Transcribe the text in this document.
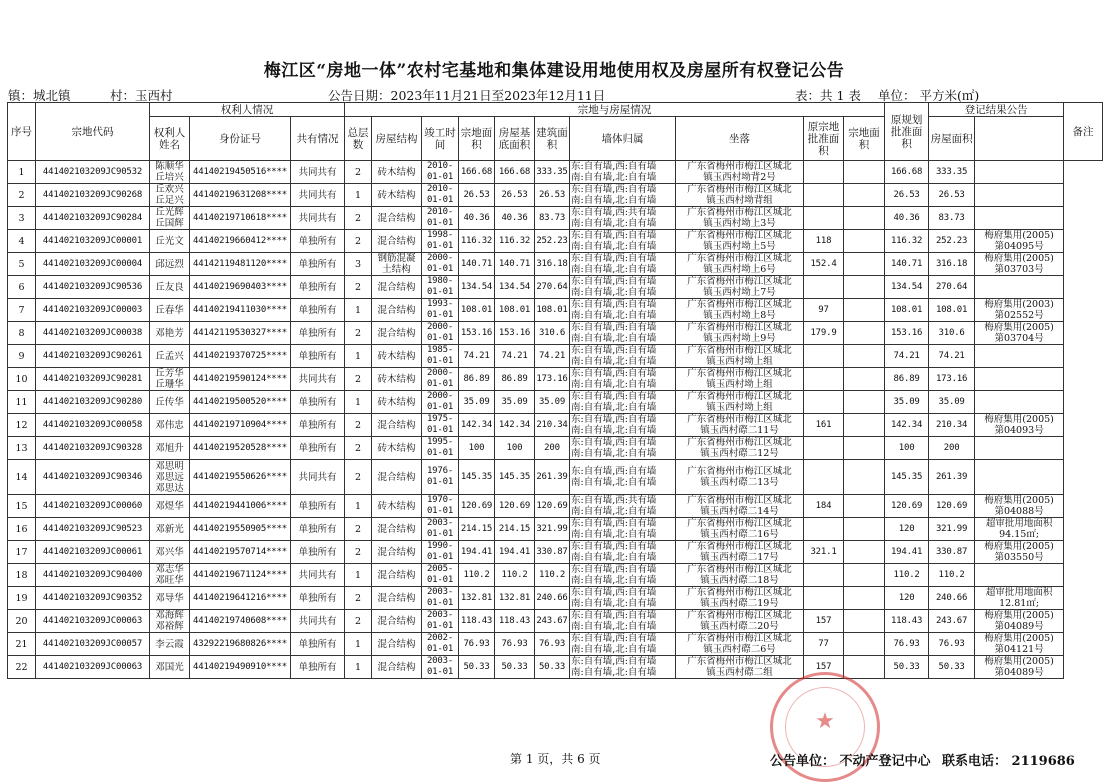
梅江区“房地一体”农村宅基地和集体建设用地使用权及房屋所有权登记公告
镇：城北镇	村：玉西村	公告日期：2023年11月21日至2023年12月11日	表：共 1 表 单位： 平方米(㎡)
序号	宗地代码	权利人情况			宗地与房屋情况										原规划批准面积	登记结果公告		备注
		权利人姓名	身份证号	共有情况	总层数	房屋结构	竣工时间	宗地面积	房屋基底面积	建筑面积	墙体归属	坐落	原宗地批准面积	宗地面积		房屋面积		

1	441402103209JC90532	陈顺华
丘培兴	44140219450516****	共同共有	2	砖木结构	2010-
01-01	166.68	166.68	333.35	东:自有墙,西:自有墙
南:自有墙,北:自有墙	广东省梅州市梅江区城北
镇玉西村坳背2号			166.68	333.35		
2	441402103209JC90268	丘欢兴
丘足兴	44140219631208****	共同共有	1	砖木结构	2010-
01-01	26.53	26.53	26.53	东:自有墙,西:自有墙
南:自有墙,北:自有墙	广东省梅州市梅江区城北
镇玉西村坳背组			26.53	26.53		
3	441402103209JC90284	丘光辉
丘国辉	44140219710618****	共同共有	2	混合结构	2010-
01-01	40.36	40.36	83.73	东:自有墙,西:共有墙
南:自有墙,北:自有墙	广东省梅州市梅江区城北
镇玉西村坳上3号			40.36	83.73		
4	441402103209JC00001	丘光文	44140219660412****	单独所有	2	混合结构	1998-
01-01	116.32	116.32	252.23	东:自有墙,西:自有墙
南:自有墙,北:自有墙	广东省梅州市梅江区城北
镇玉西村坳上5号	118		116.32	252.23	梅府集用(2005)
第04095号	
5	441402103209JC00004	邱远烈	44142119481120****	单独所有	3	钢筋混凝
土结构	2000-
01-01	140.71	140.71	316.18	东:自有墙,西:自有墙
南:自有墙,北:自有墙	广东省梅州市梅江区城北
镇玉西村坳上6号	152.4		140.71	316.18	梅府集用(2005)
第03703号	
6	441402103209JC90536	丘友良	44140219690403****	单独所有	2	混合结构	1980-
01-01	134.54	134.54	270.64	东:自有墙,西:自有墙
南:自有墙,北:自有墙	广东省梅州市梅江区城北
镇玉西村坳上7号			134.54	270.64		
7	441402103209JC00003	丘春华	44140219411030****	单独所有	1	混合结构	1993-
01-01	108.01	108.01	108.01	东:自有墙,西:自有墙
南:自有墙,北:自有墙	广东省梅州市梅江区城北
镇玉西村坳上8号	97		108.01	108.01	梅府集用(2003)
第02552号	
8	441402103209JC00038	邓艳芳	44142119530327****	单独所有	2	混合结构	2000-
01-01	153.16	153.16	310.6	东:自有墙,西:自有墙
南:自有墙,北:自有墙	广东省梅州市梅江区城北
镇玉西村坳上9号	179.9		153.16	310.6	梅府集用(2005)
第03704号	
9	441402103209JC90261	丘孟兴	44140219370725****	单独所有	1	砖木结构	1985-
01-01	74.21	74.21	74.21	东:自有墙,西:自有墙
南:自有墙,北:自有墙	广东省梅州市梅江区城北
镇玉西村坳上组			74.21	74.21		
10	441402103209JC90281	丘芳华
丘珊华	44140219590124****	共同共有	2	砖木结构	2000-
01-01	86.89	86.89	173.16	东:自有墙,西:自有墙
南:自有墙,北:自有墙	广东省梅州市梅江区城北
镇玉西村坳上组			86.89	173.16		
11	441402103209JC90280	丘传华	44140219500520****	单独所有	1	砖木结构	2000-
01-01	35.09	35.09	35.09	东:自有墙,西:自有墙
南:自有墙,北:自有墙	广东省梅州市梅江区城北
镇玉西村坳上组			35.09	35.09		
12	441402103209JC00058	邓伟忠	44140219710904****	单独所有	2	混合结构	1975-
01-01	142.34	142.34	210.34	东:自有墙,西:自有墙
南:自有墙,北:自有墙	广东省梅州市梅江区城北
镇玉西村磜二11号	161		142.34	210.34	梅府集用(2005)
第04093号	
13	441402103209JC90328	邓旭升	44140219520528****	单独所有	2	砖木结构	1995-
01-01	100	100	200	东:自有墙,西:自有墙
南:自有墙,北:自有墙	广东省梅州市梅江区城北
镇玉西村磜二12号			100	200		
14	441402103209JC90346	邓思明
邓思远
邓思达	44140219550626****	共同共有	2	混合结构	1976-
01-01	145.35	145.35	261.39	东:自有墙,西:自有墙
南:自有墙,北:自有墙	广东省梅州市梅江区城北
镇玉西村磜二13号			145.35	261.39		
15	441402103209JC00060	邓煜华	44140219441006****	单独所有	1	砖木结构	1970-
01-01	120.69	120.69	120.69	东:自有墙,西:共有墙
南:自有墙,北:自有墙	广东省梅州市梅江区城北
镇玉西村磜二14号	184		120.69	120.69	梅府集用(2005)
第04088号	
16	441402103209JC90523	邓新光	44140219550905****	单独所有	2	混合结构	2003-
01-01	214.15	214.15	321.99	东:自有墙,西:自有墙
南:自有墙,北:自有墙	广东省梅州市梅江区城北
镇玉西村磜二16号			120	321.99	超审批用地面积
94.15㎡;	
17	441402103209JC00061	邓兴华	44140219570714****	单独所有	2	混合结构	1990-
01-01	194.41	194.41	330.87	东:自有墙,西:自有墙
南:自有墙,北:自有墙	广东省梅州市梅江区城北
镇玉西村磜二17号	321.1		194.41	330.87	梅府集用(2005)
第03550号	
18	441402103209JC90400	邓志华
邓旺华	44140219671124****	共同共有	1	混合结构	2005-
01-01	110.2	110.2	110.2	东:自有墙,西:自有墙
南:自有墙,北:自有墙	广东省梅州市梅江区城北
镇玉西村磜二18号			110.2	110.2		
19	441402103209JC90352	邓导华	44140219641216****	单独所有	2	混合结构	2003-
01-01	132.81	132.81	240.66	东:自有墙,西:自有墙
南:自有墙,北:自有墙	广东省梅州市梅江区城北
镇玉西村磜二19号			120	240.66	超审批用地面积
12.81㎡;	
20	441402103209JC00063	邓海辉
邓裕辉	44140219740608****	共同共有	2	混合结构	2003-
01-01	118.43	118.43	243.67	东:自有墙,西:自有墙
南:自有墙,北:自有墙	广东省梅州市梅江区城北
镇玉西村磜二20号	157		118.43	243.67	梅府集用(2005)
第04089号	
21	441402103209JC00057	李云霞	43292219680826****	单独所有	1	混合结构	2002-
01-01	76.93	76.93	76.93	东:自有墙,西:自有墙
南:自有墙,北:自有墙	广东省梅州市梅江区城北
镇玉西村磜二6号	77		76.93	76.93	梅府集用(2005)
第04121号	
22	441402103209JC00063	邓国光	44140219490910****	单独所有	1	混合结构	2003-
01-01	50.33	50.33	50.33	东:自有墙,西:自有墙
南:自有墙,北:自有墙	广东省梅州市梅江区城北
镇玉西村磜二组	157		50.33	50.33	梅府集用(2005)
第04089号	
★
第 1 页，共 6 页	公告单位： 不动产登记中心 联系电话： 2119686
